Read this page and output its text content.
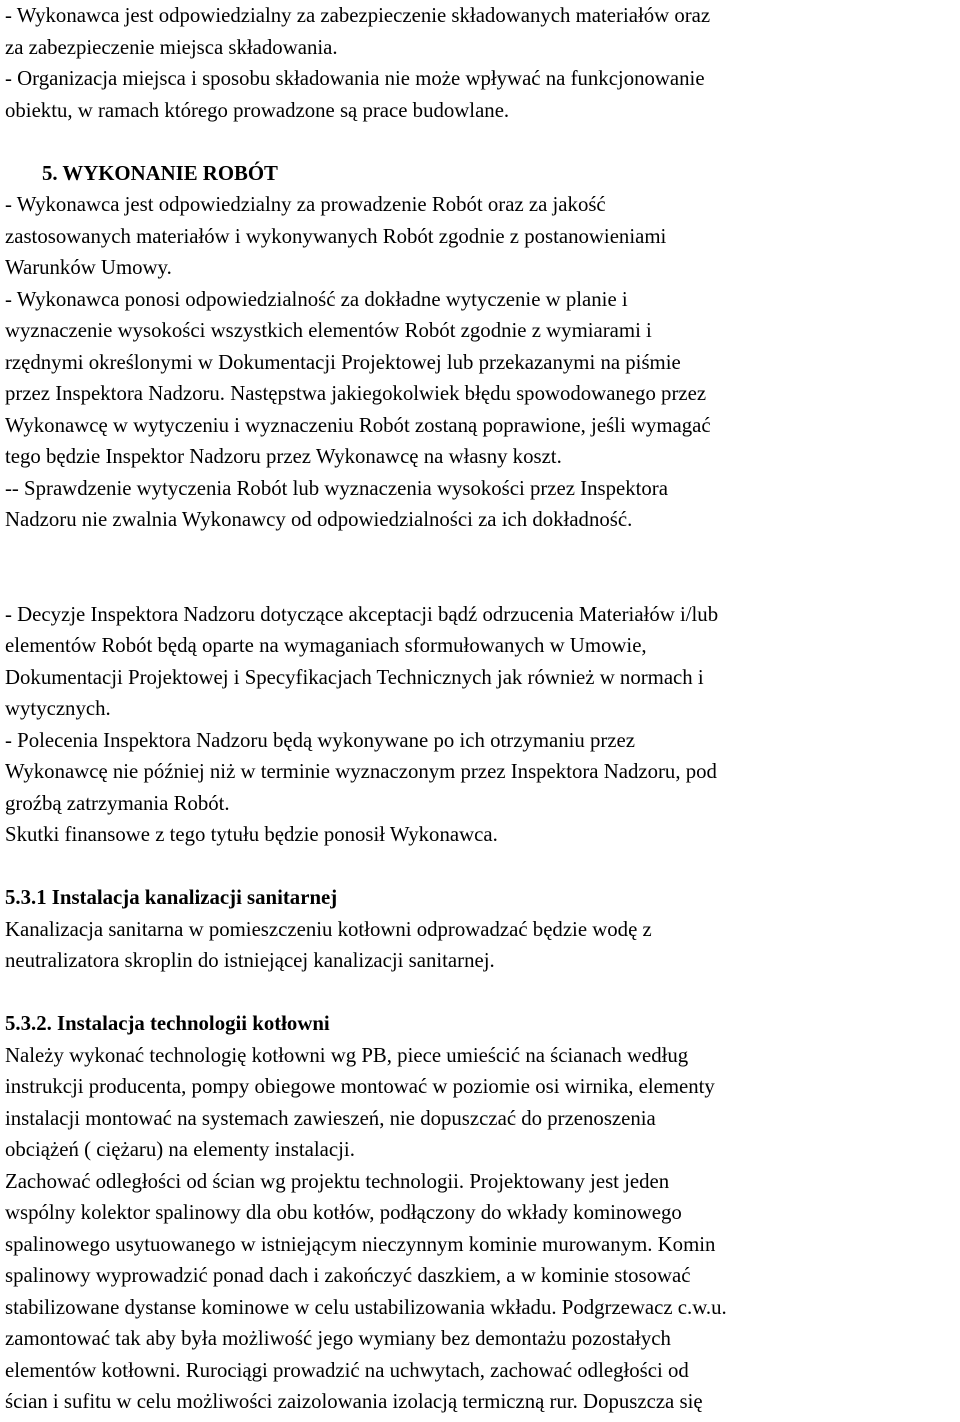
- Wykonawca jest odpowiedzialny za zabezpieczenie składowanych materiałów oraz
za zabezpieczenie miejsca składowania.
- Organizacja miejsca i sposobu składowania nie może wpływać na funkcjonowanie
obiektu, w ramach którego prowadzone są prace budowlane.
5. WYKONANIE ROBÓT
- Wykonawca jest odpowiedzialny za prowadzenie Robót oraz za jakość
zastosowanych materiałów i wykonywanych Robót zgodnie z postanowieniami
Warunków Umowy.
- Wykonawca ponosi odpowiedzialność za dokładne wytyczenie w planie i
wyznaczenie wysokości wszystkich elementów Robót zgodnie z wymiarami i
rzędnymi określonymi w Dokumentacji Projektowej lub przekazanymi na piśmie
przez Inspektora Nadzoru. Następstwa jakiegokolwiek błędu spowodowanego przez
Wykonawcę w wytyczeniu i wyznaczeniu Robót zostaną poprawione, jeśli wymagać
tego będzie Inspektor Nadzoru przez Wykonawcę na własny koszt.
-- Sprawdzenie wytyczenia Robót lub wyznaczenia wysokości przez Inspektora
Nadzoru nie zwalnia Wykonawcy od odpowiedzialności za ich dokładność.
- Decyzje Inspektora Nadzoru dotyczące akceptacji bądź odrzucenia Materiałów i/lub
elementów Robót będą oparte na wymaganiach sformułowanych w Umowie,
Dokumentacji Projektowej i Specyfikacjach Technicznych jak również w normach i
wytycznych.
- Polecenia Inspektora Nadzoru będą wykonywane po ich otrzymaniu przez
Wykonawcę nie później niż w terminie wyznaczonym przez Inspektora Nadzoru, pod
groźbą zatrzymania Robót.
Skutki finansowe z tego tytułu będzie ponosił Wykonawca.
5.3.1 Instalacja kanalizacji sanitarnej
Kanalizacja sanitarna w pomieszczeniu kotłowni odprowadzać będzie wodę z
neutralizatora skroplin do istniejącej kanalizacji sanitarnej.
5.3.2. Instalacja technologii kotłowni
Należy wykonać technologię kotłowni wg PB, piece umieścić na ścianach według
instrukcji producenta, pompy obiegowe montować w poziomie osi wirnika, elementy
instalacji montować na systemach zawieszeń, nie dopuszczać do przenoszenia
obciążeń ( ciężaru) na elementy instalacji.
Zachować odległości od ścian wg projektu technologii. Projektowany jest jeden
wspólny kolektor spalinowy dla obu kotłów, podłączony do wkłady kominowego
spalinowego usytuowanego w istniejącym nieczynnym kominie murowanym. Komin
spalinowy wyprowadzić ponad dach i zakończyć daszkiem, a w kominie stosować
stabilizowane dystanse kominowe w celu ustabilizowania wkładu. Podgrzewacz c.w.u.
zamontować tak aby była możliwość jego wymiany bez demontażu pozostałych
elementów kotłowni. Rurociągi prowadzić na uchwytach, zachować odległości od
ścian i sufitu w celu możliwości zaizolowania izolacją termiczną rur. Dopuszcza się
